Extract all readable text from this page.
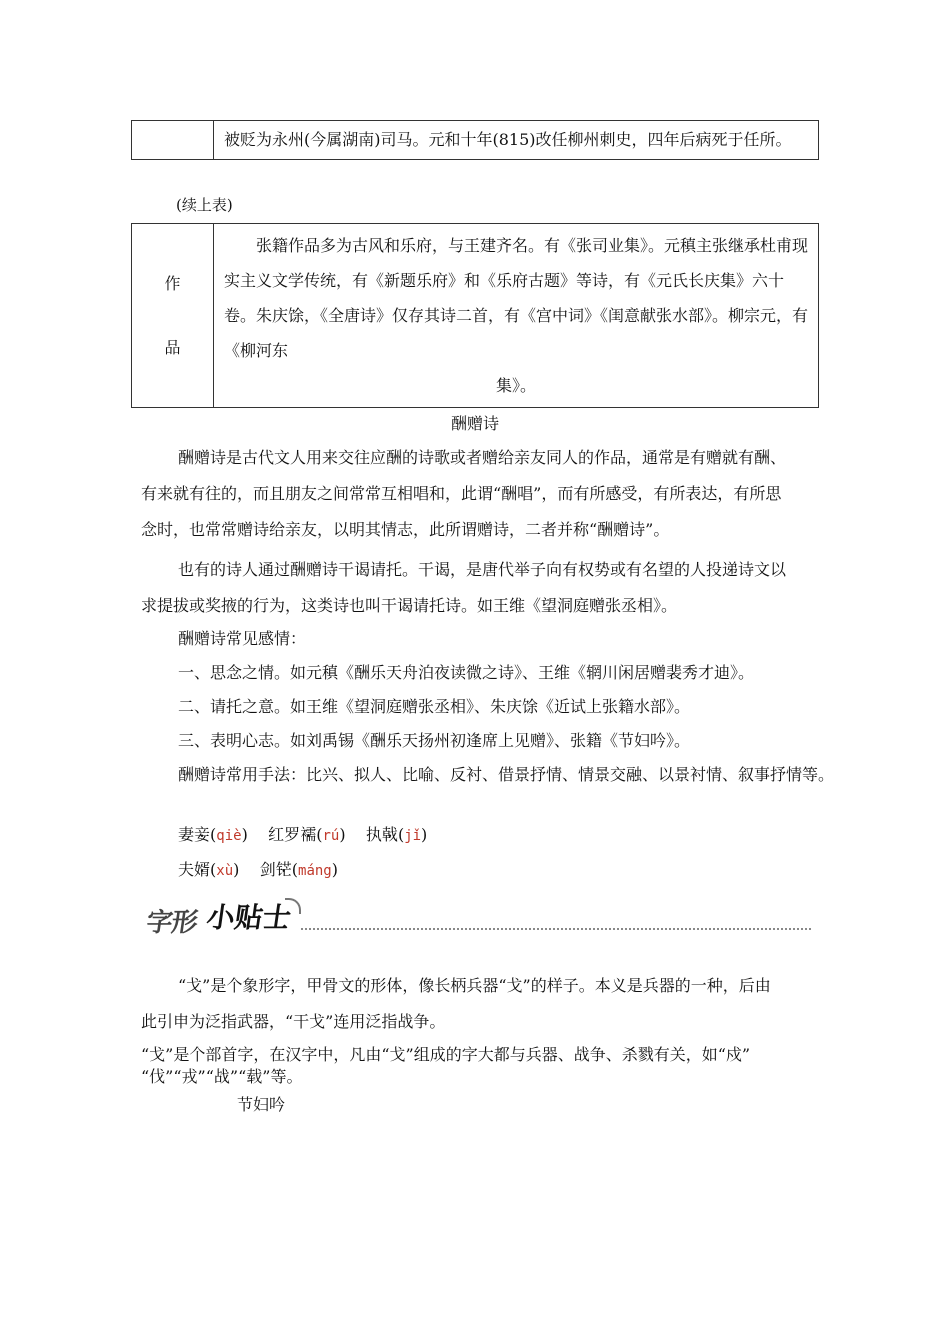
	被贬为永州(今属湖南)司马。元和十年(815)改任柳州刺史，四年后病死于任所。
(续上表)
作

品	张籍作品多为古风和乐府，与王建齐名。有《张司业集》。元稹主张继承杜甫现实主义文学传统，有《新题乐府》和《乐府古题》等诗，有《元氏长庆集》六十卷。朱庆馀，《全唐诗》仅存其诗二首，有《宫中词》《闺意献张水部》。柳宗元，有《柳河东
集》。
酬赠诗
酬赠诗是古代文人用来交往应酬的诗歌或者赠给亲友同人的作品，通常是有赠就有酬、
有来就有往的，而且朋友之间常常互相唱和，此谓“酬唱”，而有所感受，有所表达，有所思
念时，也常常赠诗给亲友，以明其情志，此所谓赠诗，二者并称“酬赠诗”。
也有的诗人通过酬赠诗干谒请托。干谒，是唐代举子向有权势或有名望的人投递诗文以
求提拔或奖掖的行为，这类诗也叫干谒请托诗。如王维《望洞庭赠张丞相》。
酬赠诗常见感情：
一、思念之情。如元稹《酬乐天舟泊夜读微之诗》、王维《辋川闲居赠裴秀才迪》。
二、请托之意。如王维《望洞庭赠张丞相》、朱庆馀《近试上张籍水部》。
三、表明心志。如刘禹锡《酬乐天扬州初逢席上见赠》、张籍《节妇吟》。
酬赠诗常用手法：比兴、拟人、比喻、反衬、借景抒情、情景交融、以景衬情、叙事抒情等。
妻妾 •(qiè) 红罗襦 •(rú) 执戟 •(jǐ)
夫婿 •(xù) 剑铓 •(máng)
字形 小贴士
“戈”是个象形字，甲骨文的形体，像长柄兵器“戈”的样子。本义是兵器的一种，后由
此引申为泛指武器，“干戈”连用泛指战争。
“戈”是个部首字，在汉字中，凡由“戈”组成的字大都与兵器、战争、杀戮有关，如“戍”
“伐”“戎”“战”“载”等。
节妇吟
